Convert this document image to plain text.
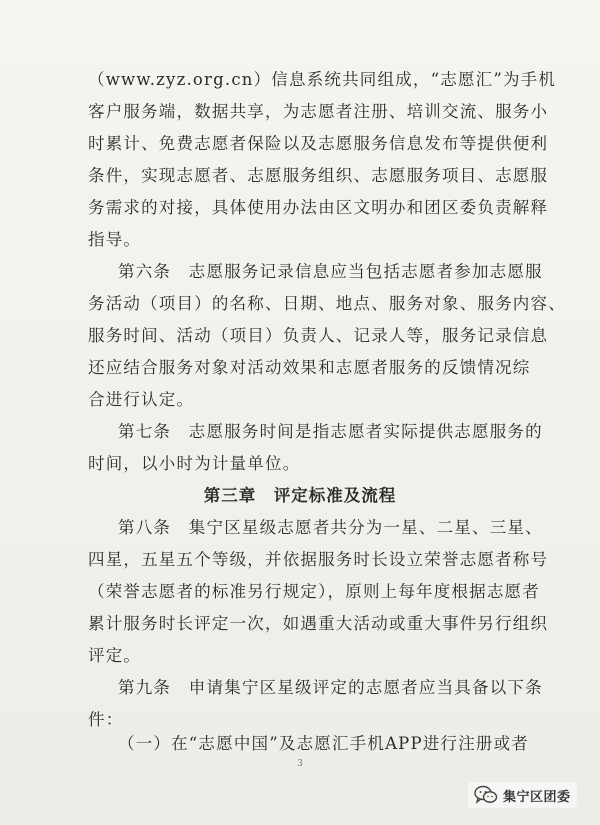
（www.zyz.org.cn）信息系统共同组成，“志愿汇”为手机
客户服务端，数据共享，为志愿者注册、培训交流、服务小
时累计、免费志愿者保险以及志愿服务信息发布等提供便利
条件，实现志愿者、志愿服务组织、志愿服务项目、志愿服
务需求的对接，具体使用办法由区文明办和团区委负责解释
指导。
第六条　志愿服务记录信息应当包括志愿者参加志愿服
务活动（项目）的名称、日期、地点、服务对象、服务内容、
服务时间、活动（项目）负责人、记录人等，服务记录信息
还应结合服务对象对活动效果和志愿者服务的反馈情况综
合进行认定。
第七条　志愿服务时间是指志愿者实际提供志愿服务的
时间，以小时为计量单位。
第三章　评定标准及流程
第八条　集宁区星级志愿者共分为一星、二星、三星、
四星，五星五个等级，并依据服务时长设立荣誉志愿者称号
（荣誉志愿者的标准另行规定），原则上每年度根据志愿者
累计服务时长评定一次，如遇重大活动或重大事件另行组织
评定。
第九条　申请集宁区星级评定的志愿者应当具备以下条
件：
（一）在“志愿中国”及志愿汇手机APP进行注册或者
3
集宁区团委
